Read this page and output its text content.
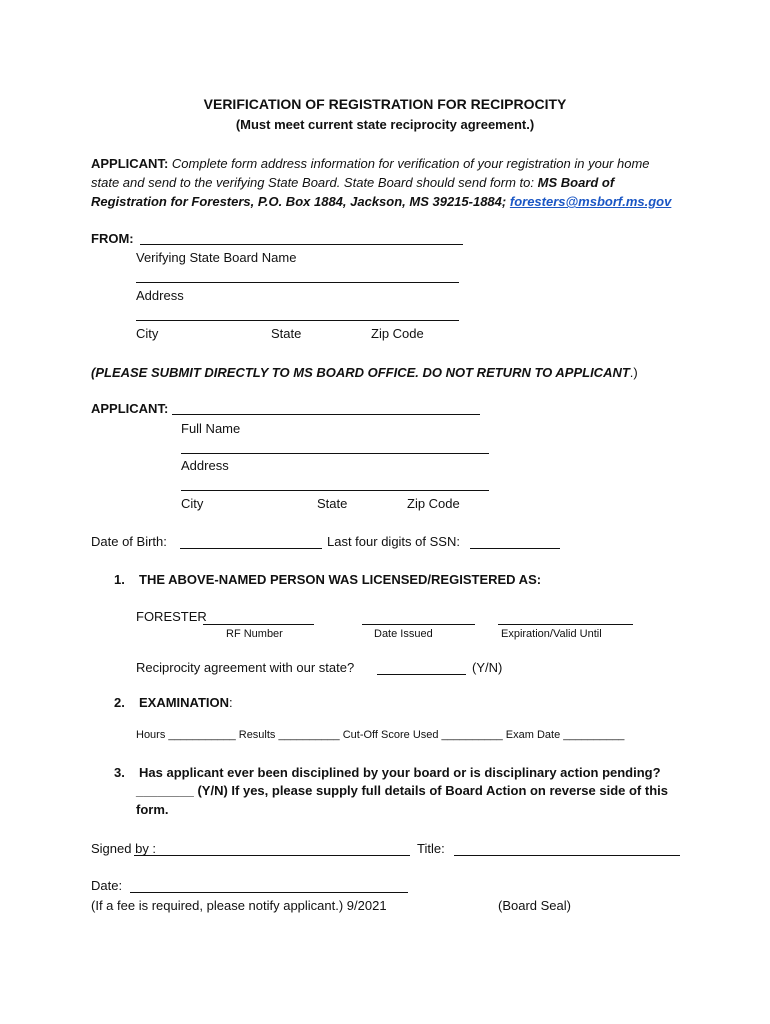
VERIFICATION OF REGISTRATION FOR RECIPROCITY
(Must meet current state reciprocity agreement.)
APPLICANT: Complete form address information for verification of your registration in your home state and send to the verifying State Board. State Board should send form to: MS Board of Registration for Foresters, P.O. Box 1884, Jackson, MS 39215-1884; foresters@msborf.ms.gov
FROM:
Verifying State Board Name
Address
City	State	Zip Code
(PLEASE SUBMIT DIRECTLY TO MS BOARD OFFICE. DO NOT RETURN TO APPLICANT.)
APPLICANT:
Full Name
Address
City	State	Zip Code
Date of Birth:	Last four digits of SSN:
1. THE ABOVE-NAMED PERSON WAS LICENSED/REGISTERED AS:
FORESTER
RF Number	Date Issued	Expiration/Valid Until
Reciprocity agreement with our state?	(Y/N)
2. EXAMINATION:
Hours ___________ Results __________ Cut-Off Score Used __________ Exam Date __________
3. Has applicant ever been disciplined by your board or is disciplinary action pending?
________ (Y/N) If yes, please supply full details of Board Action on reverse side of this
form.
Signed by :	Title:
Date:
(If a fee is required, please notify applicant.) 9/2021	(Board Seal)
